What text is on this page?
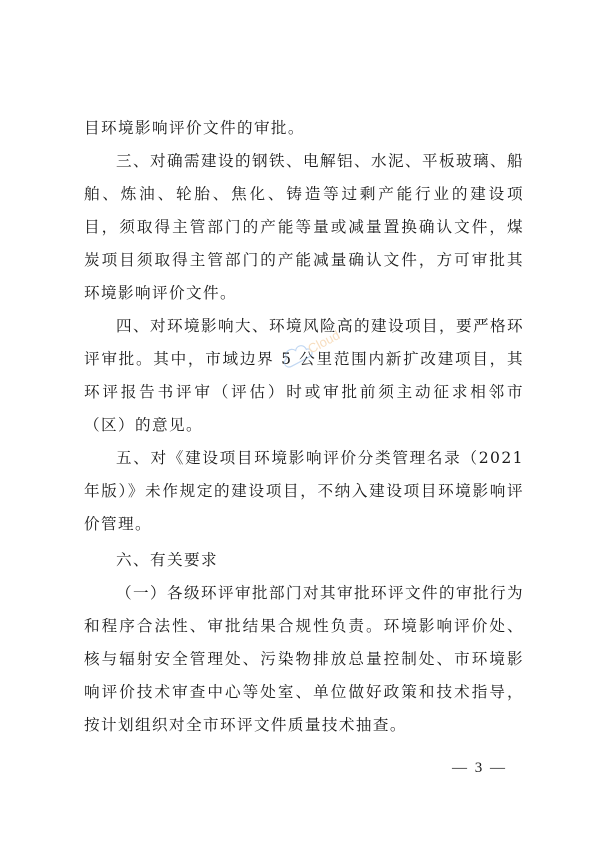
目环境影响评价文件的审批。

三、对确需建设的钢铁、电解铝、水泥、平板玻璃、船舶、炼油、轮胎、焦化、铸造等过剩产能行业的建设项目，须取得主管部门的产能等量或减量置换确认文件，煤炭项目须取得主管部门的产能减量确认文件，方可审批其环境影响评价文件。

四、对环境影响大、环境风险高的建设项目，要严格环评审批。其中，市域边界 5 公里范围内新扩改建项目，其环评报告书评审（评估）时或审批前须主动征求相邻市（区）的意见。

五、对《建设项目环境影响评价分类管理名录（2021 年版）》未作规定的建设项目，不纳入建设项目环境影响评价管理。

六、有关要求

（一）各级环评审批部门对其审批环评文件的审批行为和程序合法性、审批结果合规性负责。环境影响评价处、核与辐射安全管理处、污染物排放总量控制处、市环境影响评价技术审查中心等处室、单位做好政策和技术指导，按计划组织对全市环评文件质量技术抽查。

Cloud
— 3 —
